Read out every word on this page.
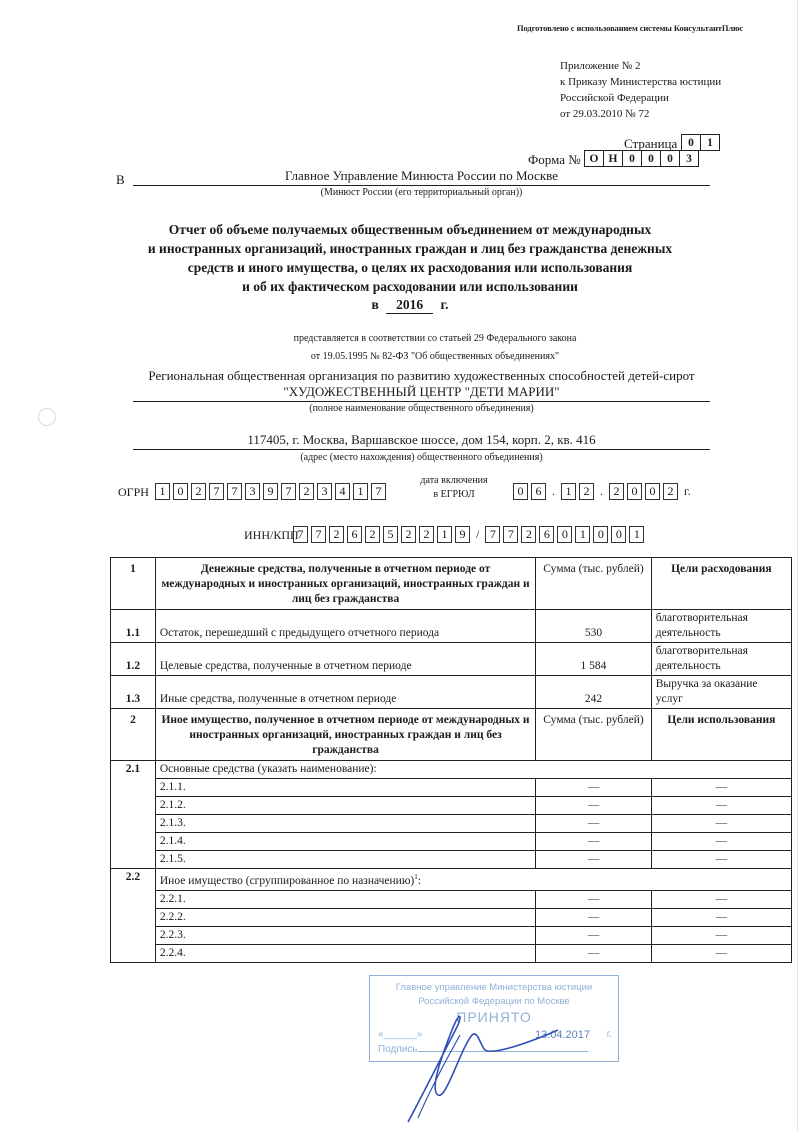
Подготовлено с использованием системы КонсультантПлюс
Приложение № 2
к Приказу Министерства юстиции
Российской Федерации
от 29.03.2010 № 72
Страница 0	1
Форма № О Н	0	0	0	3
В	Главное Управление Минюста России по Москве
(Минюст России (его территориальный орган))
Отчет об объеме получаемых общественным объединением от международных
и иностранных организаций, иностранных граждан и лиц без гражданства денежных
средств и иного имущества, о целях их расходования или использования
и об их фактическом расходовании или использовании
в 2016 г.
представляется в соответствии со статьей 29 Федерального закона
от 19.05.1995 № 82-ФЗ "Об общественных объединениях"
Региональная общественная организация по развитию художественных способностей детей-сирот
"ХУДОЖЕСТВЕННЫЙ ЦЕНТР "ДЕТИ МАРИИ"
(полное наименование общественного объединения)
117405, г. Москва, Варшавское шоссе, дом 154, корп. 2, кв. 416
(адрес (место нахождения) общественного объединения)
ОГРН 1	0	2	7	7	3	9	7	2	3	4	1	7
дата включения
в ЕГРЮЛ	0	6 . 1	2 . 2	0	0	2 г.
ИНН/КПП
7	7	2	6	2	5	2	2	1	9 / 7	7	2	6	0	1	0	0	1
1	Денежные средства, полученные в отчетном периоде от международных и иностранных организаций, иностранных граждан и лиц без гражданства	Сумма (тыс. рублей)	Цели расходования
1.1	Остаток, перешедший с предыдущего отчетного периода	530	благотворительная деятельность
1.2	Целевые средства, полученные в отчетном периоде	1 584	благотворительная деятельность
1.3	Иные средства, полученные в отчетном периоде	242	Выручка за оказание услуг
2	Иное имущество, полученное в отчетном периоде от международных и иностранных организаций, иностранных граждан и лиц без гражданства	Сумма (тыс. рублей)	Цели использования
2.1	Основные средства (указать наименование):		
	2.1.1.	—	—
	2.1.2.	—	—
	2.1.3.	—	—
	2.1.4.	—	—
	2.1.5.	—	—
2.2	Иное имущество (сгруппированное по назначению)$^1$:		
	2.2.1.	—	—
	2.2.2.	—	—
	2.2.3.	—	—
	2.2.4.	—	—
Главное управление Министерства юстиции
Российской Федерации по Москве
ПРИНЯТО
«______»	13.04.2017 г.
Подпись
